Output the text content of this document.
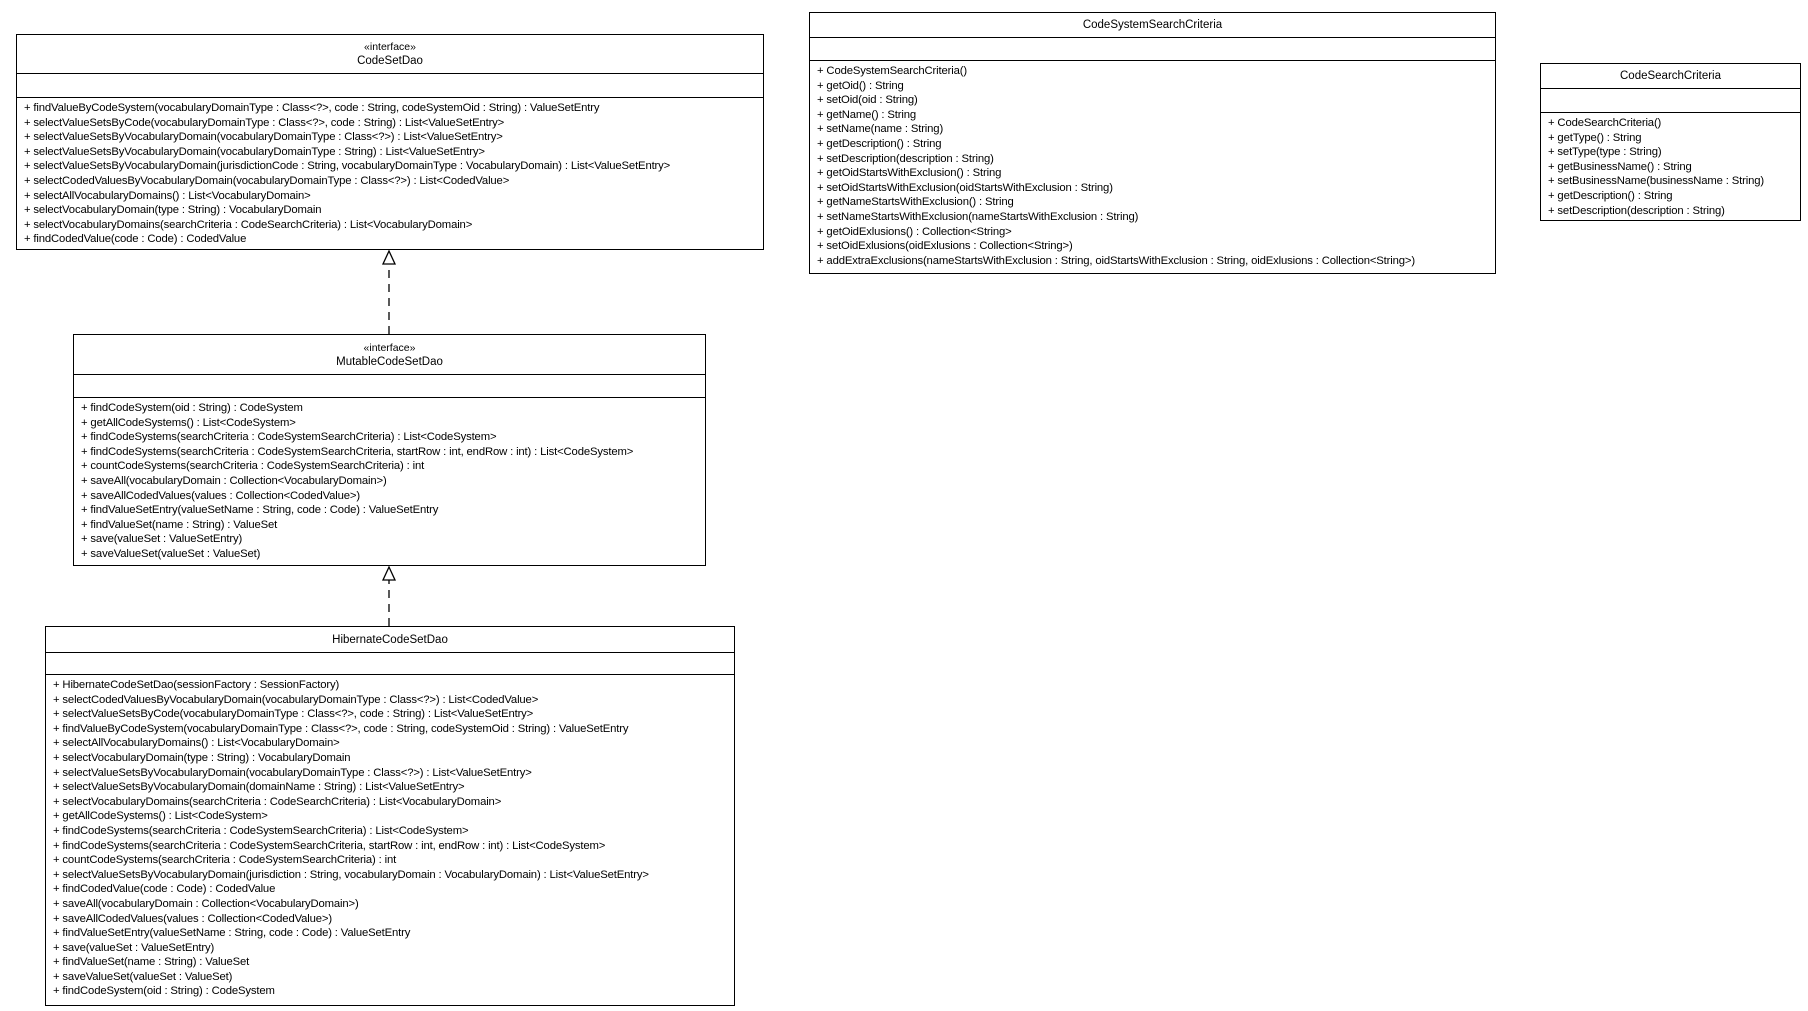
«interface»
CodeSetDao
+ findValueByCodeSystem(vocabularyDomainType : Class<?>, code : String, codeSystemOid : String) : ValueSetEntry
+ selectValueSetsByCode(vocabularyDomainType : Class<?>, code : String) : List<ValueSetEntry>
+ selectValueSetsByVocabularyDomain(vocabularyDomainType : Class<?>) : List<ValueSetEntry>
+ selectValueSetsByVocabularyDomain(vocabularyDomainType : String) : List<ValueSetEntry>
+ selectValueSetsByVocabularyDomain(jurisdictionCode : String, vocabularyDomainType : VocabularyDomain) : List<ValueSetEntry>
+ selectCodedValuesByVocabularyDomain(vocabularyDomainType : Class<?>) : List<CodedValue>
+ selectAllVocabularyDomains() : List<VocabularyDomain>
+ selectVocabularyDomain(type : String) : VocabularyDomain
+ selectVocabularyDomains(searchCriteria : CodeSearchCriteria) : List<VocabularyDomain>
+ findCodedValue(code : Code) : CodedValue
«interface»
MutableCodeSetDao
+ findCodeSystem(oid : String) : CodeSystem
+ getAllCodeSystems() : List<CodeSystem>
+ findCodeSystems(searchCriteria : CodeSystemSearchCriteria) : List<CodeSystem>
+ findCodeSystems(searchCriteria : CodeSystemSearchCriteria, startRow : int, endRow : int) : List<CodeSystem>
+ countCodeSystems(searchCriteria : CodeSystemSearchCriteria) : int
+ saveAll(vocabularyDomain : Collection<VocabularyDomain>)
+ saveAllCodedValues(values : Collection<CodedValue>)
+ findValueSetEntry(valueSetName : String, code : Code) : ValueSetEntry
+ findValueSet(name : String) : ValueSet
+ save(valueSet : ValueSetEntry)
+ saveValueSet(valueSet : ValueSet)
HibernateCodeSetDao
+ HibernateCodeSetDao(sessionFactory : SessionFactory)
+ selectCodedValuesByVocabularyDomain(vocabularyDomainType : Class<?>) : List<CodedValue>
+ selectValueSetsByCode(vocabularyDomainType : Class<?>, code : String) : List<ValueSetEntry>
+ findValueByCodeSystem(vocabularyDomainType : Class<?>, code : String, codeSystemOid : String) : ValueSetEntry
+ selectAllVocabularyDomains() : List<VocabularyDomain>
+ selectVocabularyDomain(type : String) : VocabularyDomain
+ selectValueSetsByVocabularyDomain(vocabularyDomainType : Class<?>) : List<ValueSetEntry>
+ selectValueSetsByVocabularyDomain(domainName : String) : List<ValueSetEntry>
+ selectVocabularyDomains(searchCriteria : CodeSearchCriteria) : List<VocabularyDomain>
+ getAllCodeSystems() : List<CodeSystem>
+ findCodeSystems(searchCriteria : CodeSystemSearchCriteria) : List<CodeSystem>
+ findCodeSystems(searchCriteria : CodeSystemSearchCriteria, startRow : int, endRow : int) : List<CodeSystem>
+ countCodeSystems(searchCriteria : CodeSystemSearchCriteria) : int
+ selectValueSetsByVocabularyDomain(jurisdiction : String, vocabularyDomain : VocabularyDomain) : List<ValueSetEntry>
+ findCodedValue(code : Code) : CodedValue
+ saveAll(vocabularyDomain : Collection<VocabularyDomain>)
+ saveAllCodedValues(values : Collection<CodedValue>)
+ findValueSetEntry(valueSetName : String, code : Code) : ValueSetEntry
+ save(valueSet : ValueSetEntry)
+ findValueSet(name : String) : ValueSet
+ saveValueSet(valueSet : ValueSet)
+ findCodeSystem(oid : String) : CodeSystem
CodeSystemSearchCriteria
+ CodeSystemSearchCriteria()
+ getOid() : String
+ setOid(oid : String)
+ getName() : String
+ setName(name : String)
+ getDescription() : String
+ setDescription(description : String)
+ getOidStartsWithExclusion() : String
+ setOidStartsWithExclusion(oidStartsWithExclusion : String)
+ getNameStartsWithExclusion() : String
+ setNameStartsWithExclusion(nameStartsWithExclusion : String)
+ getOidExlusions() : Collection<String>
+ setOidExlusions(oidExlusions : Collection<String>)
+ addExtraExclusions(nameStartsWithExclusion : String, oidStartsWithExclusion : String, oidExlusions : Collection<String>)
CodeSearchCriteria
+ CodeSearchCriteria()
+ getType() : String
+ setType(type : String)
+ getBusinessName() : String
+ setBusinessName(businessName : String)
+ getDescription() : String
+ setDescription(description : String)
